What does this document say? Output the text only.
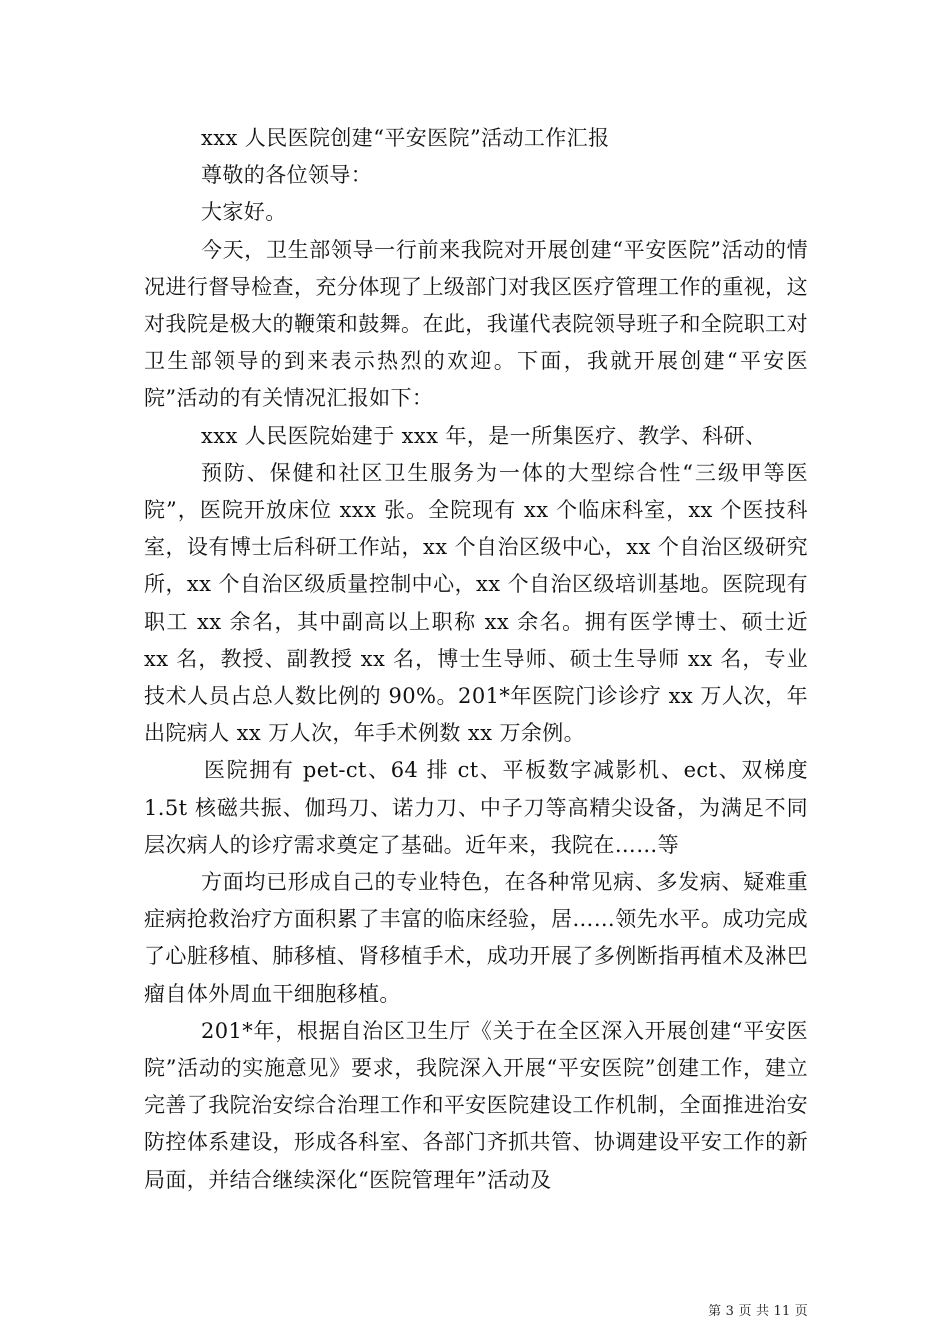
xxx 人民医院创建“平安医院”活动工作汇报

尊敬的各位领导：

大家好。

今天，卫生部领导一行前来我院对开展创建“平安医院”活动的情况进行督导检查，充分体现了上级部门对我区医疗管理工作的重视，这对我院是极大的鞭策和鼓舞。在此，我谨代表院领导班子和全院职工对卫生部领导的到来表示热烈的欢迎。下面，我就开展创建“平安医院”活动的有关情况汇报如下：

xxx 人民医院始建于 xxx 年，是一所集医疗、教学、科研、

预防、保健和社区卫生服务为一体的大型综合性“三级甲等医院”，医院开放床位 xxx 张。全院现有 xx 个临床科室，xx 个医技科室，设有博士后科研工作站，xx 个自治区级中心，xx 个自治区级研究所，xx 个自治区级质量控制中心，xx 个自治区级培训基地。医院现有职工 xx 余名，其中副高以上职称 xx 余名。拥有医学博士、硕士近 xx 名，教授、副教授 xx 名，博士生导师、硕士生导师 xx 名，专业技术人员占总人数比例的 90%。201*年医院门诊诊疗 xx 万人次，年出院病人 xx 万人次，年手术例数 xx 万余例。

医院拥有 pet-ct、64 排 ct、平板数字减影机、ect、双梯度 1.5t 核磁共振、伽玛刀、诺力刀、中子刀等高精尖设备，为满足不同层次病人的诊疗需求奠定了基础。近年来，我院在……等

方面均已形成自己的专业特色，在各种常见病、多发病、疑难重症病抢救治疗方面积累了丰富的临床经验，居……领先水平。成功完成了心脏移植、肺移植、肾移植手术，成功开展了多例断指再植术及淋巴瘤自体外周血干细胞移植。

201*年，根据自治区卫生厅《关于在全区深入开展创建“平安医院”活动的实施意见》要求，我院深入开展“平安医院”创建工作，建立完善了我院治安综合治理工作和平安医院建设工作机制，全面推进治安防控体系建设，形成各科室、各部门齐抓共管、协调建设平安工作的新局面，并结合继续深化“医院管理年”活动及

第 3 页 共 11 页
